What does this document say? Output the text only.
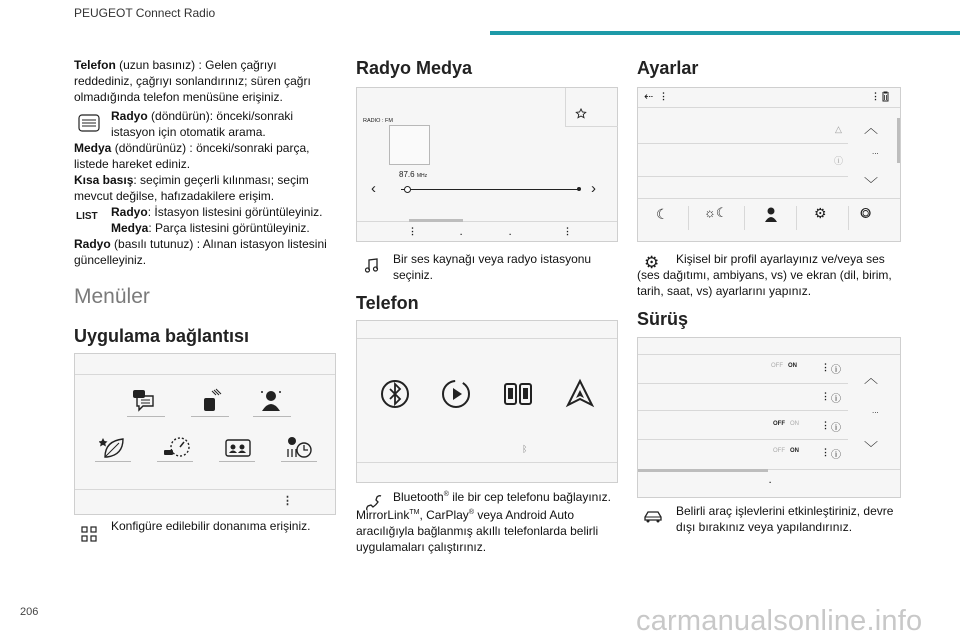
PEUGEOT Connect Radio
Telefon (uzun basınız) : Gelen çağrıyı reddediniz, çağrıyı sonlandırınız; süren çağrı olmadığında telefon menüsüne erişiniz.
Radyo (döndürün): önceki/sonraki istasyon için otomatik arama.
Medya (döndürünüz) : önceki/sonraki parça, listede hareket ediniz.
Kısa basış: seçimin geçerli kılınması; seçim mevcut değilse, hafızadakilere erişim.
LIST Radyo: İstasyon listesini görüntüleyiniz.
Medya: Parça listesini görüntüleyiniz.
Radyo (basılı tutunuz) : Alınan istasyon listesini güncelleyiniz.
Menüler
Uygulama bağlantısı
⋮
Konfigüre edilebilir donanıma erişiniz.
Radyo Medya
RADIO : FM
87.6 MHz
‹	›
⋮	·	·	⋮
Bir ses kaynağı veya radyo istasyonu seçiniz.
Telefon
ᛒ
Bluetooth® ile bir cep telefonu bağlayınız. MirrorLink™, CarPlay® veya Android Auto aracılığıyla bağlanmış akıllı telefonlarda belirli uygulamaları çalıştırınız.
Ayarlar
⇠ ⋮	⋮
△
ⓘ
︿
...
﹀
☾	☼☾	⚙ ⭗
⚙	Kişisel bir profil ayarlayınız ve/veya ses (ses dağıtımı, ambiyans, vs) ve ekran (dil, birim, tarih, saat, vs) ayarlarını yapınız.
Sürüş
OFF ON	⋮ ⓘ
⋮ ⓘ
OFF ON ⋮ ⓘ
OFF ON ⋮ ⓘ
︿
...
﹀
·
Belirli araç işlevlerini etkinleştiriniz, devre dışı bırakınız veya yapılandırınız.
206	carmanualsonline.info
